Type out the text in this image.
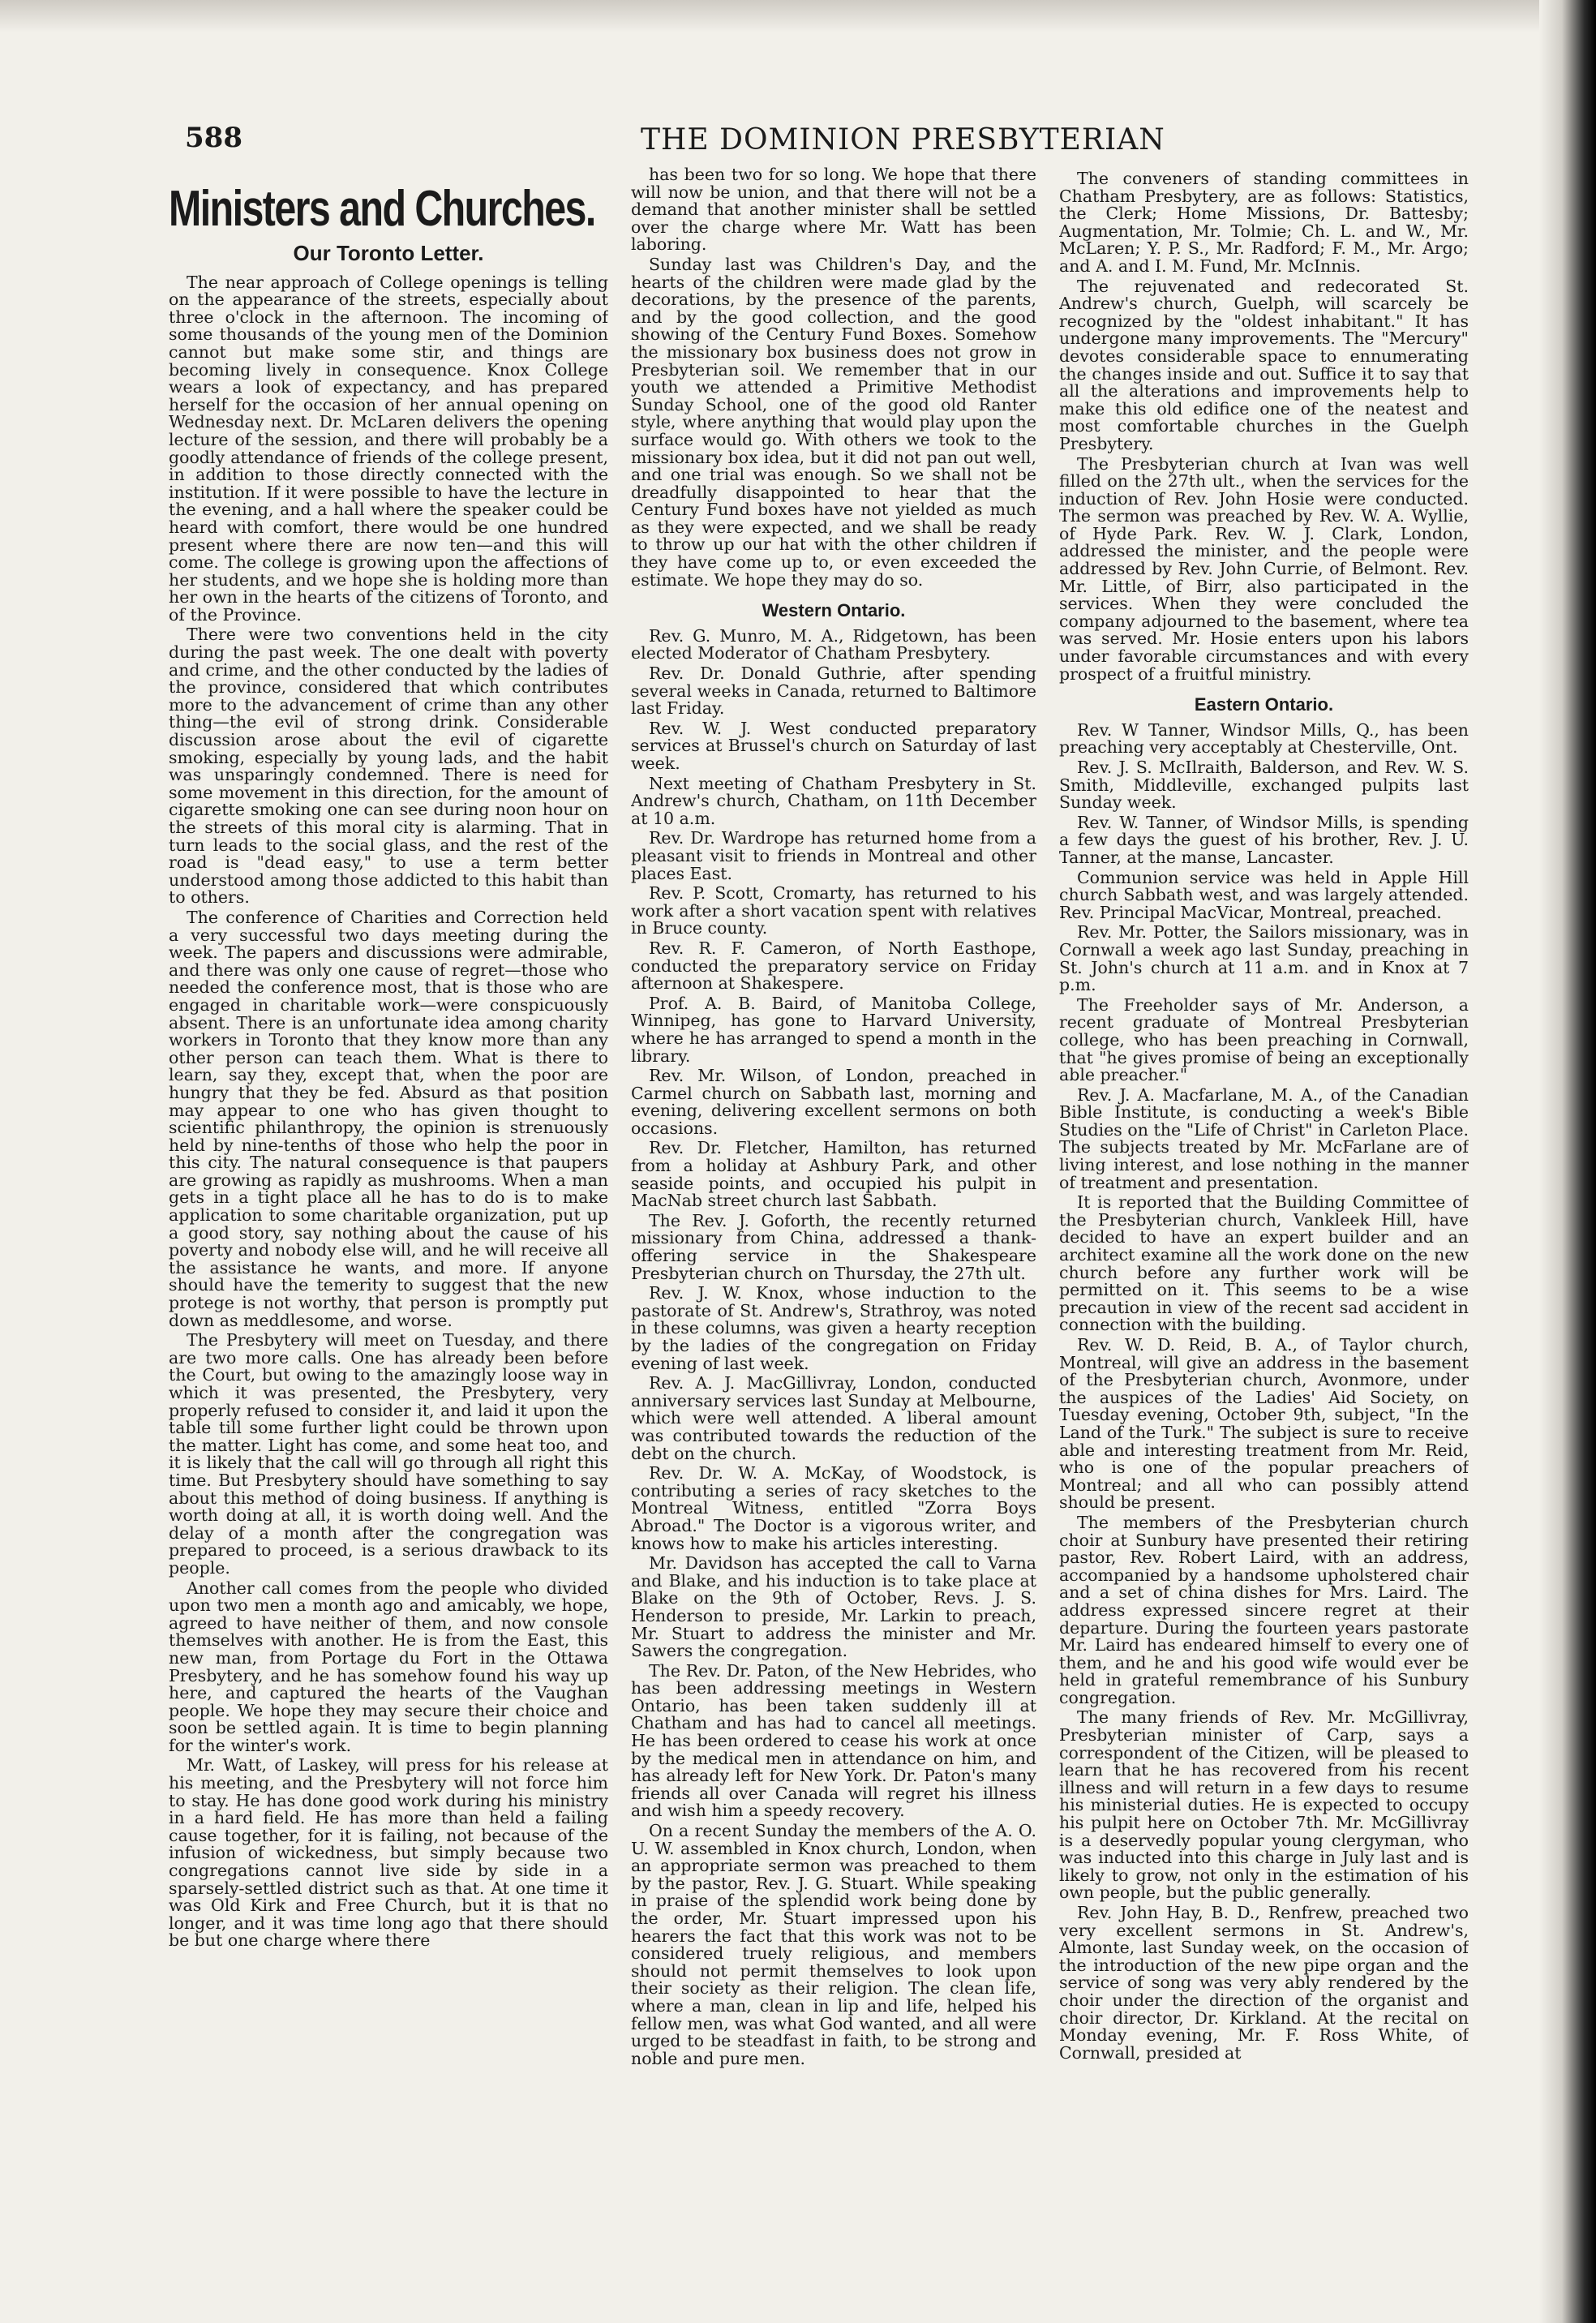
588	THE DOMINION PRESBYTERIAN
Ministers and Churches.
Our Toronto Letter.

The near approach of College openings is telling on the appearance of the streets, especially about three o'clock in the afternoon. The incoming of some thousands of the young men of the Dominion cannot but make some stir, and things are becoming lively in consequence. Knox College wears a look of expectancy, and has prepared herself for the occasion of her annual opening on Wednesday next. Dr. McLaren delivers the opening lecture of the session, and there will probably be a goodly attendance of friends of the college present, in addition to those directly connected with the institution. If it were possible to have the lecture in the evening, and a hall where the speaker could be heard with comfort, there would be one hundred present where there are now ten—and this will come. The college is growing upon the affections of her students, and we hope she is holding more than her own in the hearts of the citizens of Toronto, and of the Province.

There were two conventions held in the city during the past week. The one dealt with poverty and crime, and the other conducted by the ladies of the province, considered that which contributes more to the advancement of crime than any other thing—the evil of strong drink. Considerable discussion arose about the evil of cigarette smoking, especially by young lads, and the habit was unsparingly condemned. There is need for some movement in this direction, for the amount of cigarette smoking one can see during noon hour on the streets of this moral city is alarming. That in turn leads to the social glass, and the rest of the road is "dead easy," to use a term better understood among those addicted to this habit than to others.

The conference of Charities and Correction held a very successful two days meeting during the week. The papers and discussions were admirable, and there was only one cause of regret—those who needed the conference most, that is those who are engaged in charitable work—were conspicuously absent. There is an unfortunate idea among charity workers in Toronto that they know more than any other person can teach them. What is there to learn, say they, except that, when the poor are hungry that they be fed. Absurd as that position may appear to one who has given thought to scientific philanthropy, the opinion is strenuously held by nine-tenths of those who help the poor in this city. The natural consequence is that paupers are growing as rapidly as mushrooms. When a man gets in a tight place all he has to do is to make application to some charitable organization, put up a good story, say nothing about the cause of his poverty and nobody else will, and he will receive all the assistance he wants, and more. If anyone should have the temerity to suggest that the new protege is not worthy, that person is promptly put down as meddlesome, and worse.

The Presbytery will meet on Tuesday, and there are two more calls. One has already been before the Court, but owing to the amazingly loose way in which it was presented, the Presbytery, very properly refused to consider it, and laid it upon the table till some further light could be thrown upon the matter. Light has come, and some heat too, and it is likely that the call will go through all right this time. But Presbytery should have something to say about this method of doing business. If anything is worth doing at all, it is worth doing well. And the delay of a month after the congregation was prepared to proceed, is a serious drawback to its people.

Another call comes from the people who divided upon two men a month ago and amicably, we hope, agreed to have neither of them, and now console themselves with another. He is from the East, this new man, from Portage du Fort in the Ottawa Presbytery, and he has somehow found his way up here, and captured the hearts of the Vaughan people. We hope they may secure their choice and soon be settled again. It is time to begin planning for the winter's work.

Mr. Watt, of Laskey, will press for his release at his meeting, and the Presbytery will not force him to stay. He has done good work during his ministry in a hard field. He has more than held a failing cause together, for it is failing, not because of the infusion of wickedness, but simply because two congregations cannot live side by side in a sparsely-settled district such as that. At one time it was Old Kirk and Free Church, but it is that no longer, and it was time long ago that there should be but one charge where there

has been two for so long. We hope that there will now be union, and that there will not be a demand that another minister shall be settled over the charge where Mr. Watt has been laboring.

Sunday last was Children's Day, and the hearts of the children were made glad by the decorations, by the presence of the parents, and by the good collection, and the good showing of the Century Fund Boxes. Somehow the missionary box business does not grow in Presbyterian soil. We remember that in our youth we attended a Primitive Methodist Sunday School, one of the good old Ranter style, where anything that would play upon the surface would go. With others we took to the missionary box idea, but it did not pan out well, and one trial was enough. So we shall not be dreadfully disappointed to hear that the Century Fund boxes have not yielded as much as they were expected, and we shall be ready to throw up our hat with the other children if they have come up to, or even exceeded the estimate. We hope they may do so.

Western Ontario.

Rev. G. Munro, M. A., Ridgetown, has been elected Moderator of Chatham Presbytery.

Rev. Dr. Donald Guthrie, after spending several weeks in Canada, returned to Baltimore last Friday.

Rev. W. J. West conducted preparatory services at Brussel's church on Saturday of last week.

Next meeting of Chatham Presbytery in St. Andrew's church, Chatham, on 11th December at 10 a.m.

Rev. Dr. Wardrope has returned home from a pleasant visit to friends in Montreal and other places East.

Rev. P. Scott, Cromarty, has returned to his work after a short vacation spent with relatives in Bruce county.

Rev. R. F. Cameron, of North Easthope, conducted the preparatory service on Friday afternoon at Shakespere.

Prof. A. B. Baird, of Manitoba College, Winnipeg, has gone to Harvard University, where he has arranged to spend a month in the library.

Rev. Mr. Wilson, of London, preached in Carmel church on Sabbath last, morning and evening, delivering excellent sermons on both occasions.

Rev. Dr. Fletcher, Hamilton, has returned from a holiday at Ashbury Park, and other seaside points, and occupied his pulpit in MacNab street church last Sabbath.

The Rev. J. Goforth, the recently returned missionary from China, addressed a thank-offering service in the Shakespeare Presbyterian church on Thursday, the 27th ult.

Rev. J. W. Knox, whose induction to the pastorate of St. Andrew's, Strathroy, was noted in these columns, was given a hearty reception by the ladies of the congregation on Friday evening of last week.

Rev. A. J. MacGillivray, London, conducted anniversary services last Sunday at Melbourne, which were well attended. A liberal amount was contributed towards the reduction of the debt on the church.

Rev. Dr. W. A. McKay, of Woodstock, is contributing a series of racy sketches to the Montreal Witness, entitled "Zorra Boys Abroad." The Doctor is a vigorous writer, and knows how to make his articles interesting.

Mr. Davidson has accepted the call to Varna and Blake, and his induction is to take place at Blake on the 9th of October, Revs. J. S. Henderson to preside, Mr. Larkin to preach, Mr. Stuart to address the minister and Mr. Sawers the congregation.

The Rev. Dr. Paton, of the New Hebrides, who has been addressing meetings in Western Ontario, has been taken suddenly ill at Chatham and has had to cancel all meetings. He has been ordered to cease his work at once by the medical men in attendance on him, and has already left for New York. Dr. Paton's many friends all over Canada will regret his illness and wish him a speedy recovery.

On a recent Sunday the members of the A. O. U. W. assembled in Knox church, London, when an appropriate sermon was preached to them by the pastor, Rev. J. G. Stuart. While speaking in praise of the splendid work being done by the order, Mr. Stuart impressed upon his hearers the fact that this work was not to be considered truely religious, and members should not permit themselves to look upon their society as their religion. The clean life, where a man, clean in lip and life, helped his fellow men, was what God wanted, and all were urged to be steadfast in faith, to be strong and noble and pure men.

The conveners of standing committees in Chatham Presbytery, are as follows: Statistics, the Clerk; Home Missions, Dr. Battesby; Augmentation, Mr. Tolmie; Ch. L. and W., Mr. McLaren; Y. P. S., Mr. Radford; F. M., Mr. Argo; and A. and I. M. Fund, Mr. McInnis.

The rejuvenated and redecorated St. Andrew's church, Guelph, will scarcely be recognized by the "oldest inhabitant." It has undergone many improvements. The "Mercury" devotes considerable space to ennumerating the changes inside and out. Suffice it to say that all the alterations and improvements help to make this old edifice one of the neatest and most comfortable churches in the Guelph Presbytery.

The Presbyterian church at Ivan was well filled on the 27th ult., when the services for the induction of Rev. John Hosie were conducted. The sermon was preached by Rev. W. A. Wyllie, of Hyde Park. Rev. W. J. Clark, London, addressed the minister, and the people were addressed by Rev. John Currie, of Belmont. Rev. Mr. Little, of Birr, also participated in the services. When they were concluded the company adjourned to the basement, where tea was served. Mr. Hosie enters upon his labors under favorable circumstances and with every prospect of a fruitful ministry.

Eastern Ontario.

Rev. W Tanner, Windsor Mills, Q., has been preaching very acceptably at Chesterville, Ont.

Rev. J. S. McIlraith, Balderson, and Rev. W. S. Smith, Middleville, exchanged pulpits last Sunday week.

Rev. W. Tanner, of Windsor Mills, is spending a few days the guest of his brother, Rev. J. U. Tanner, at the manse, Lancaster.

Communion service was held in Apple Hill church Sabbath west, and was largely attended. Rev. Principal MacVicar, Montreal, preached.

Rev. Mr. Potter, the Sailors missionary, was in Cornwall a week ago last Sunday, preaching in St. John's church at 11 a.m. and in Knox at 7 p.m.

The Freeholder says of Mr. Anderson, a recent graduate of Montreal Presbyterian college, who has been preaching in Cornwall, that "he gives promise of being an exceptionally able preacher."

Rev. J. A. Macfarlane, M. A., of the Canadian Bible Institute, is conducting a week's Bible Studies on the "Life of Christ" in Carleton Place. The subjects treated by Mr. McFarlane are of living interest, and lose nothing in the manner of treatment and presentation.

It is reported that the Building Committee of the Presbyterian church, Vankleek Hill, have decided to have an expert builder and an architect examine all the work done on the new church before any further work will be permitted on it. This seems to be a wise precaution in view of the recent sad accident in connection with the building.

Rev. W. D. Reid, B. A., of Taylor church, Montreal, will give an address in the basement of the Presbyterian church, Avonmore, under the auspices of the Ladies' Aid Society, on Tuesday evening, October 9th, subject, "In the Land of the Turk." The subject is sure to receive able and interesting treatment from Mr. Reid, who is one of the popular preachers of Montreal; and all who can possibly attend should be present.

The members of the Presbyterian church choir at Sunbury have presented their retiring pastor, Rev. Robert Laird, with an address, accompanied by a handsome upholstered chair and a set of china dishes for Mrs. Laird. The address expressed sincere regret at their departure. During the fourteen years pastorate Mr. Laird has endeared himself to every one of them, and he and his good wife would ever be held in grateful remembrance of his Sunbury congregation.

The many friends of Rev. Mr. McGillivray, Presbyterian minister of Carp, says a correspondent of the Citizen, will be pleased to learn that he has recovered from his recent illness and will return in a few days to resume his ministerial duties. He is expected to occupy his pulpit here on October 7th. Mr. McGillivray is a deservedly popular young clergyman, who was inducted into this charge in July last and is likely to grow, not only in the estimation of his own people, but the public generally.

Rev. John Hay, B. D., Renfrew, preached two very excellent sermons in St. Andrew's, Almonte, last Sunday week, on the occasion of the introduction of the new pipe organ and the service of song was very ably rendered by the choir under the direction of the organist and choir director, Dr. Kirkland. At the recital on Monday evening, Mr. F. Ross White, of Cornwall, presided at
